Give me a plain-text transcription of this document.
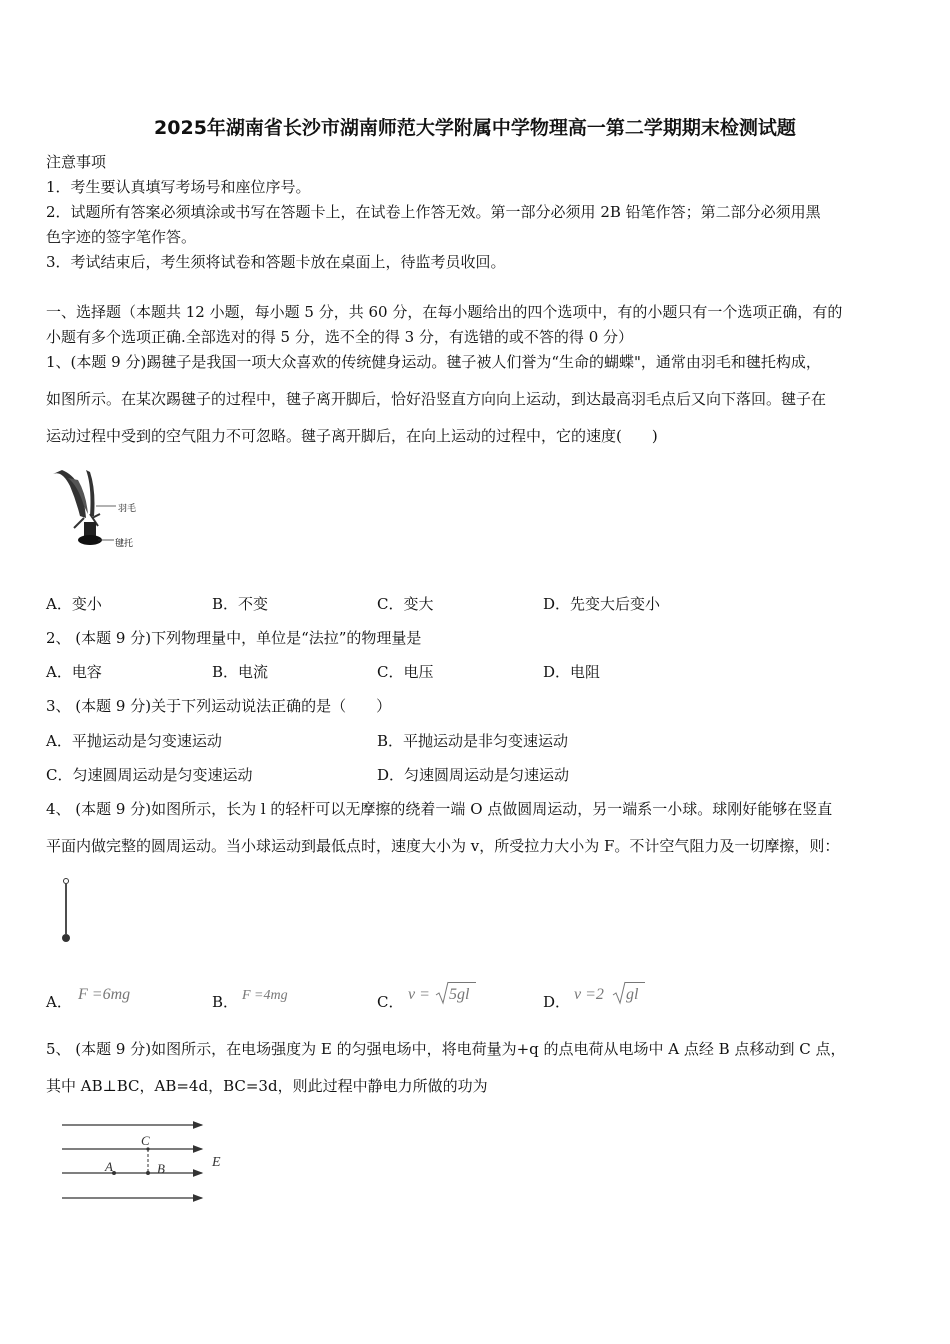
2025年湖南省长沙市湖南师范大学附属中学物理高一第二学期期末检测试题
注意事项
1．考生要认真填写考场号和座位序号。
2．试题所有答案必须填涂或书写在答题卡上，在试卷上作答无效。第一部分必须用 2B 铅笔作答；第二部分必须用黑
色字迹的签字笔作答。
3．考试结束后，考生须将试卷和答题卡放在桌面上，待监考员收回。
一、选择题（本题共 12 小题，每小题 5 分，共 60 分，在每小题给出的四个选项中，有的小题只有一个选项正确，有的
小题有多个选项正确.全部选对的得 5 分，选不全的得 3 分，有选错的或不答的得 0 分）
1、(本题 9 分)踢毽子是我国一项大众喜欢的传统健身运动。毽子被人们誉为“生命的蝴蝶"，通常由羽毛和毽托构成，
如图所示。在某次踢毽子的过程中，毽子离开脚后，恰好沿竖直方向向上运动，到达最高羽毛点后又向下落回。毽子在
运动过程中受到的空气阻力不可忽略。毽子离开脚后，在向上运动的过程中，它的速度(　　)
羽毛
毽托
A．变小	B．不变	C．变大	D．先变大后变小
2、 (本题 9 分)下列物理量中，单位是“法拉”的物理量是
A．电容	B．电流	C．电压	D．电阻
3、 (本题 9 分)关于下列运动说法正确的是（　　）
A．平抛运动是匀变速运动	B．平抛运动是非匀变速运动
C．匀速圆周运动是匀变速运动	D．匀速圆周运动是匀速运动
4、 (本题 9 分)如图所示，长为 l 的轻杆可以无摩擦的绕着一端 O 点做圆周运动，另一端系一小球。球刚好能够在竖直
平面内做完整的圆周运动。当小球运动到最低点时，速度大小为 v，所受拉力大小为 F。不计空气阻力及一切摩擦，则：
A． F =6mg	B． F =4mg	C． v = 5gl	D． v =2 gl
5、 (本题 9 分)如图所示，在电场强度为 E 的匀强电场中，将电荷量为+q 的点电荷从电场中 A 点经 B 点移动到 C 点，
其中 AB⊥BC，AB=4d，BC=3d，则此过程中静电力所做的功为
C
A	B	E
